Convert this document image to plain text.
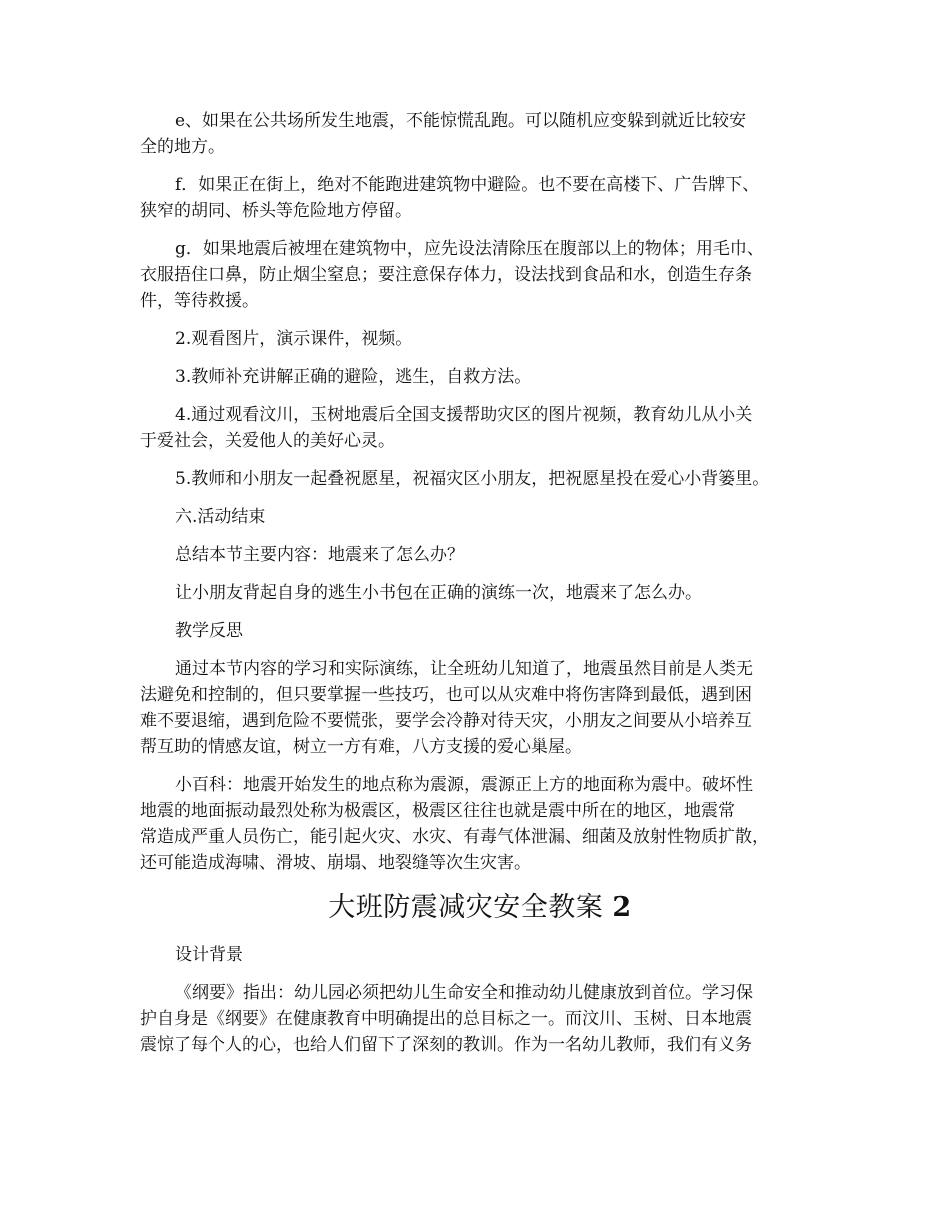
e、如果在公共场所发生地震，不能惊慌乱跑。可以随机应变躲到就近比较安
全的地方。

f．如果正在街上，绝对不能跑进建筑物中避险。也不要在高楼下、广告牌下、
狭窄的胡同、桥头等危险地方停留。

g．如果地震后被埋在建筑物中，应先设法清除压在腹部以上的物体；用毛巾、
衣服捂住口鼻，防止烟尘窒息；要注意保存体力，设法找到食品和水，创造生存条
件，等待救援。

2.观看图片，演示课件，视频。

3.教师补充讲解正确的避险，逃生，自救方法。

4.通过观看汶川，玉树地震后全国支援帮助灾区的图片视频，教育幼儿从小关
于爱社会，关爱他人的美好心灵。

5.教师和小朋友一起叠祝愿星，祝福灾区小朋友，把祝愿星投在爱心小背篓里。

六.活动结束

总结本节主要内容：地震来了怎么办？

让小朋友背起自身的逃生小书包在正确的演练一次，地震来了怎么办。

教学反思

通过本节内容的学习和实际演练，让全班幼儿知道了，地震虽然目前是人类无
法避免和控制的，但只要掌握一些技巧，也可以从灾难中将伤害降到最低，遇到困
难不要退缩，遇到危险不要慌张，要学会冷静对待天灾，小朋友之间要从小培养互
帮互助的情感友谊，树立一方有难，八方支援的爱心巢屋。

小百科：地震开始发生的地点称为震源，震源正上方的地面称为震中。破坏性
地震的地面振动最烈处称为极震区，极震区往往也就是震中所在的地区，地震常
常造成严重人员伤亡，能引起火灾、水灾、有毒气体泄漏、细菌及放射性物质扩散，
还可能造成海啸、滑坡、崩塌、地裂缝等次生灾害。

大班防震减灾安全教案 2

设计背景

《纲要》指出：幼儿园必须把幼儿生命安全和推动幼儿健康放到首位。学习保
护自身是《纲要》在健康教育中明确提出的总目标之一。而汶川、玉树、日本地震
震惊了每个人的心，也给人们留下了深刻的教训。作为一名幼儿教师，我们有义务
